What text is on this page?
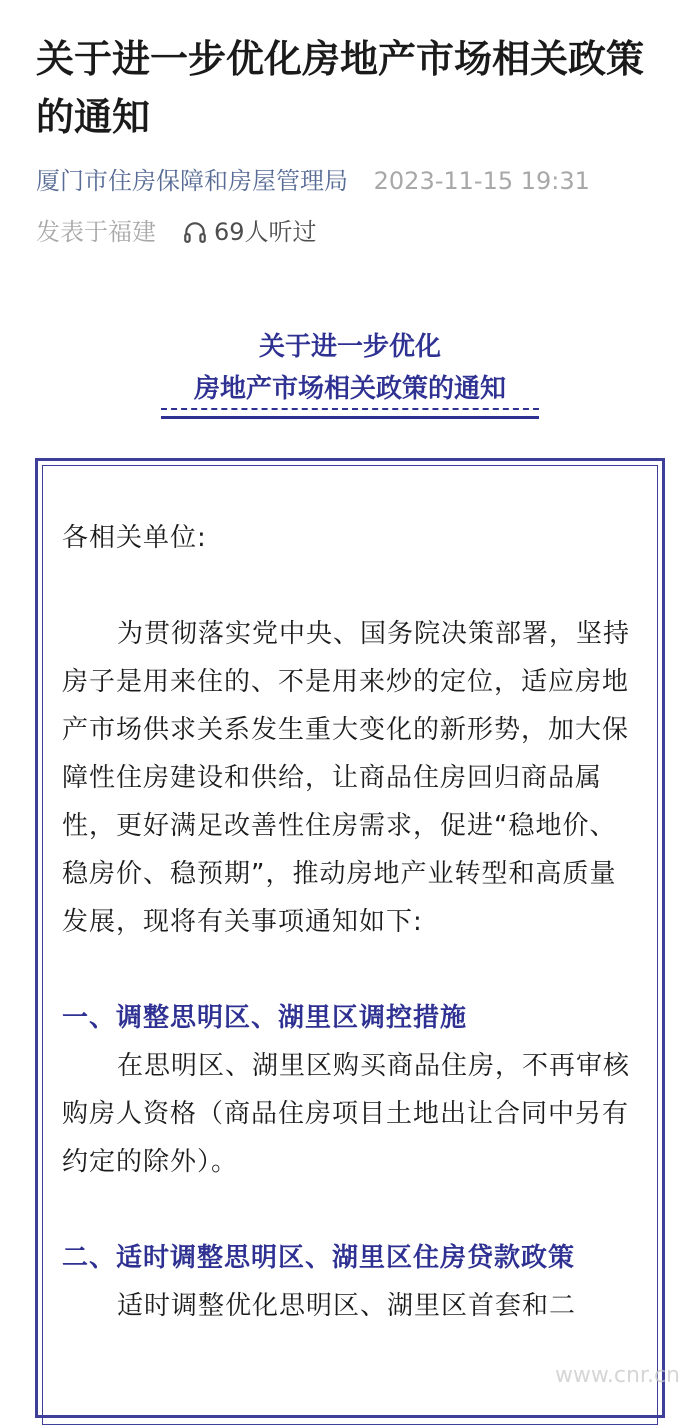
关于进一步优化房地产市场相关政策的通知
厦门市住房保障和房屋管理局 2023-11-15 19:31
发表于福建 69人听过
关于进一步优化
房地产市场相关政策的通知

各相关单位:

为贯彻落实党中央、国务院决策部署，坚持房子是用来住的、不是用来炒的定位，适应房地产市场供求关系发生重大变化的新形势，加大保障性住房建设和供给，让商品住房回归商品属性，更好满足改善性住房需求，促进“稳地价、稳房价、稳预期”，推动房地产业转型和高质量发展，现将有关事项通知如下:

一、调整思明区、湖里区调控措施

在思明区、湖里区购买商品住房，不再审核购房人资格（商品住房项目土地出让合同中另有约定的除外）。

二、适时调整思明区、湖里区住房贷款政策

适时调整优化思明区、湖里区首套和二

www.cnr.cn
